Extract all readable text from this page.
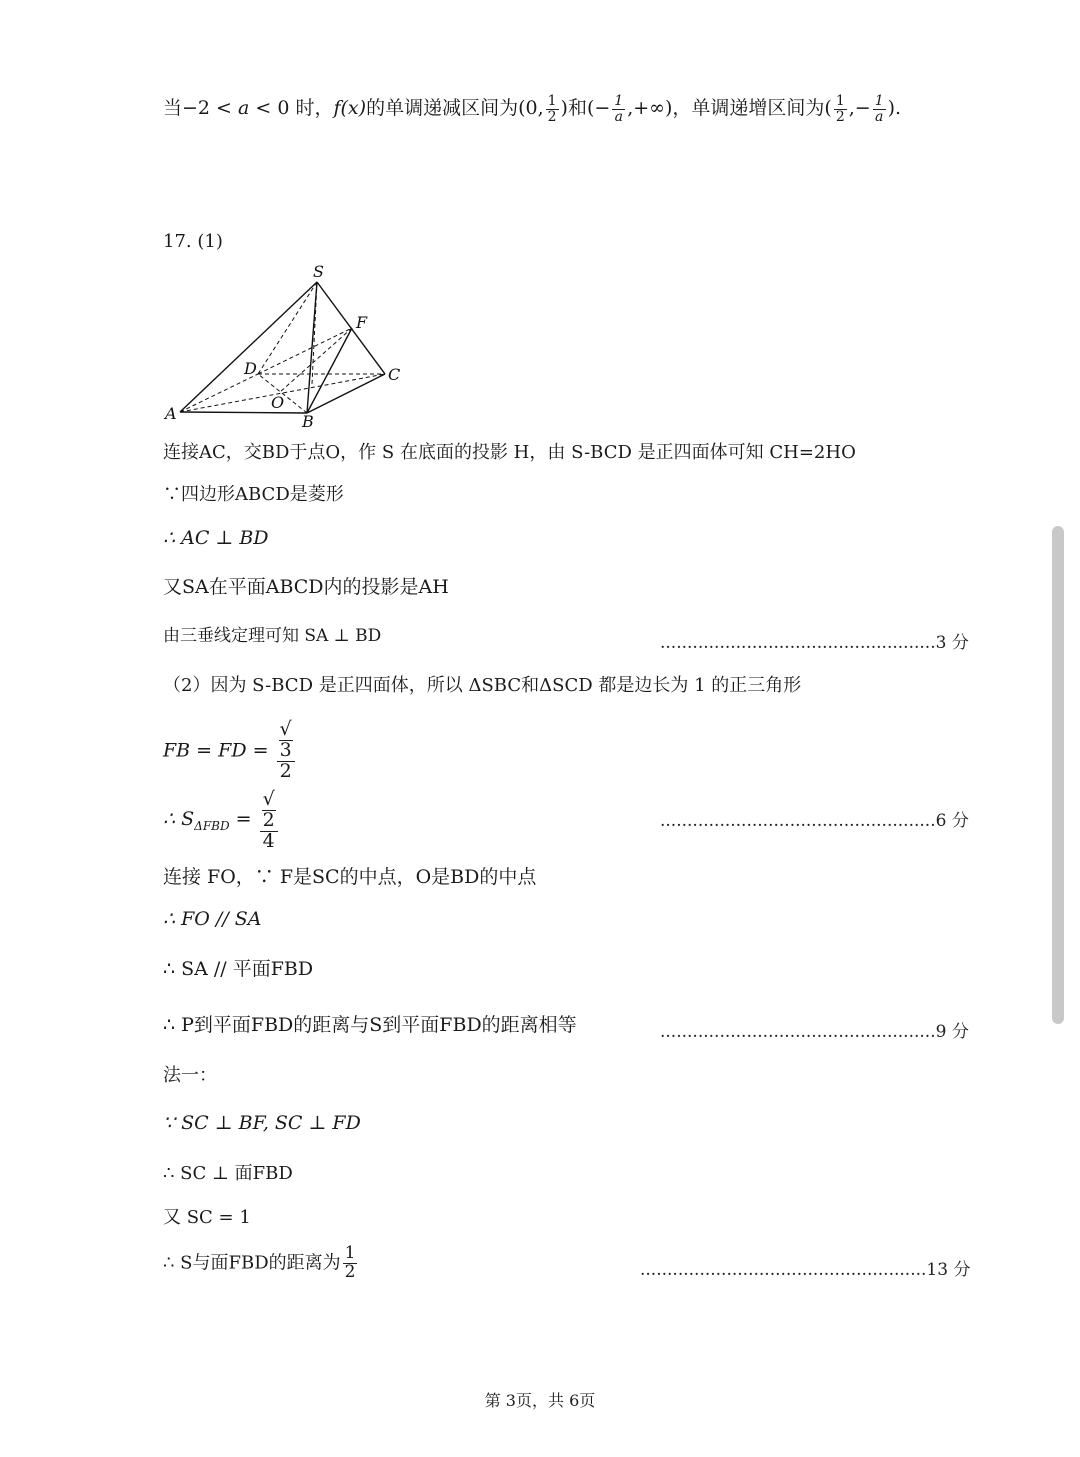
当−2 < a < 0 时，f(x)的单调递减区间为(0, $\frac{1}{2}$ )和(− $\frac{1}{a}$ ,+∞)，单调递增区间为( $\frac{1}{2}$ ,− $\frac{1}{a}$ ).
17. (1)
S
F
D	C
O
A	B
连接AC，交BD于点O，作 S 在底面的投影 H，由 S-BCD 是正四面体可知 CH=2HO
∵四边形ABCD是菱形
∴ AC ⊥ BD
又SA在平面ABCD内的投影是AH
由三垂线定理可知 SA ⊥ BD	...................................................3 分
（2）因为 S-BCD 是正四面体，所以 ΔSBC和ΔSCD 都是边长为 1 的正三角形
FB = FD = √
3
2
∴ $S_{\Delta FBD}$ = √
2
4	...................................................6 分
连接 FO，∵ F是SC的中点，O是BD的中点
∴ FO // SA
∴ SA // 平面FBD
∴ P到平面FBD的距离与S到平面FBD的距离相等	...................................................9 分
法一：
∵ SC ⊥ BF, SC ⊥ FD
∴ SC ⊥ 面FBD
又 SC = 1
∴ S与面FBD的距离为 $\frac{1}{2}$	.....................................................13 分
第 3页，共 6页
